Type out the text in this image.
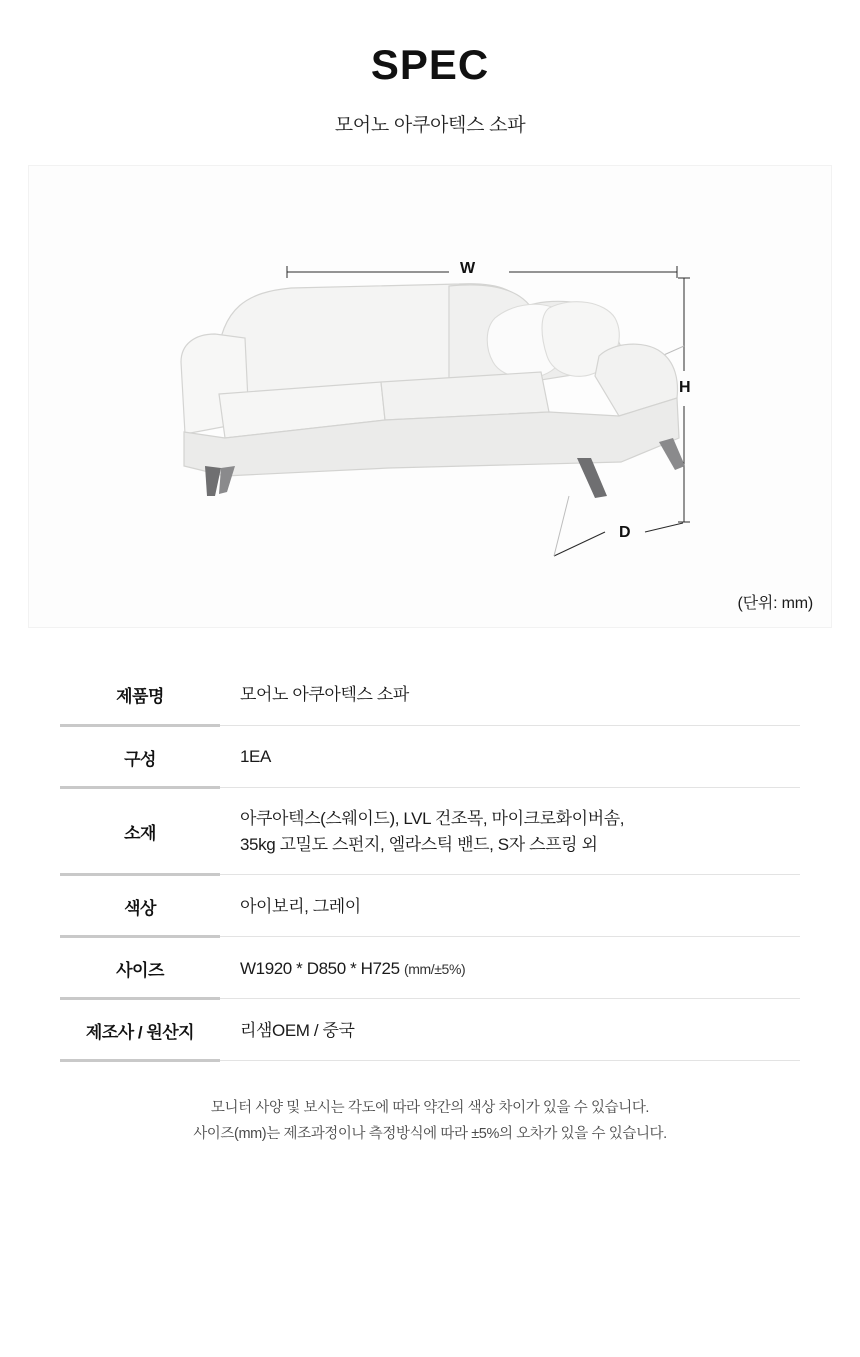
SPEC
모어노 아쿠아텍스 소파
W
H
D
(단위: mm)
제품명	모어노 아쿠아텍스 소파
구성	1EA
소재	아쿠아텍스(스웨이드), LVL 건조목, 마이크로화이버솜,
35kg 고밀도 스펀지, 엘라스틱 밴드, S자 스프링 외
색상	아이보리, 그레이
사이즈	W1920 * D850 * H725 (mm/±5%)
제조사 / 원산지	리샘OEM / 중국
모니터 사양 및 보시는 각도에 따라 약간의 색상 차이가 있을 수 있습니다.
사이즈(mm)는 제조과정이나 측정방식에 따라 ±5%의 오차가 있을 수 있습니다.
